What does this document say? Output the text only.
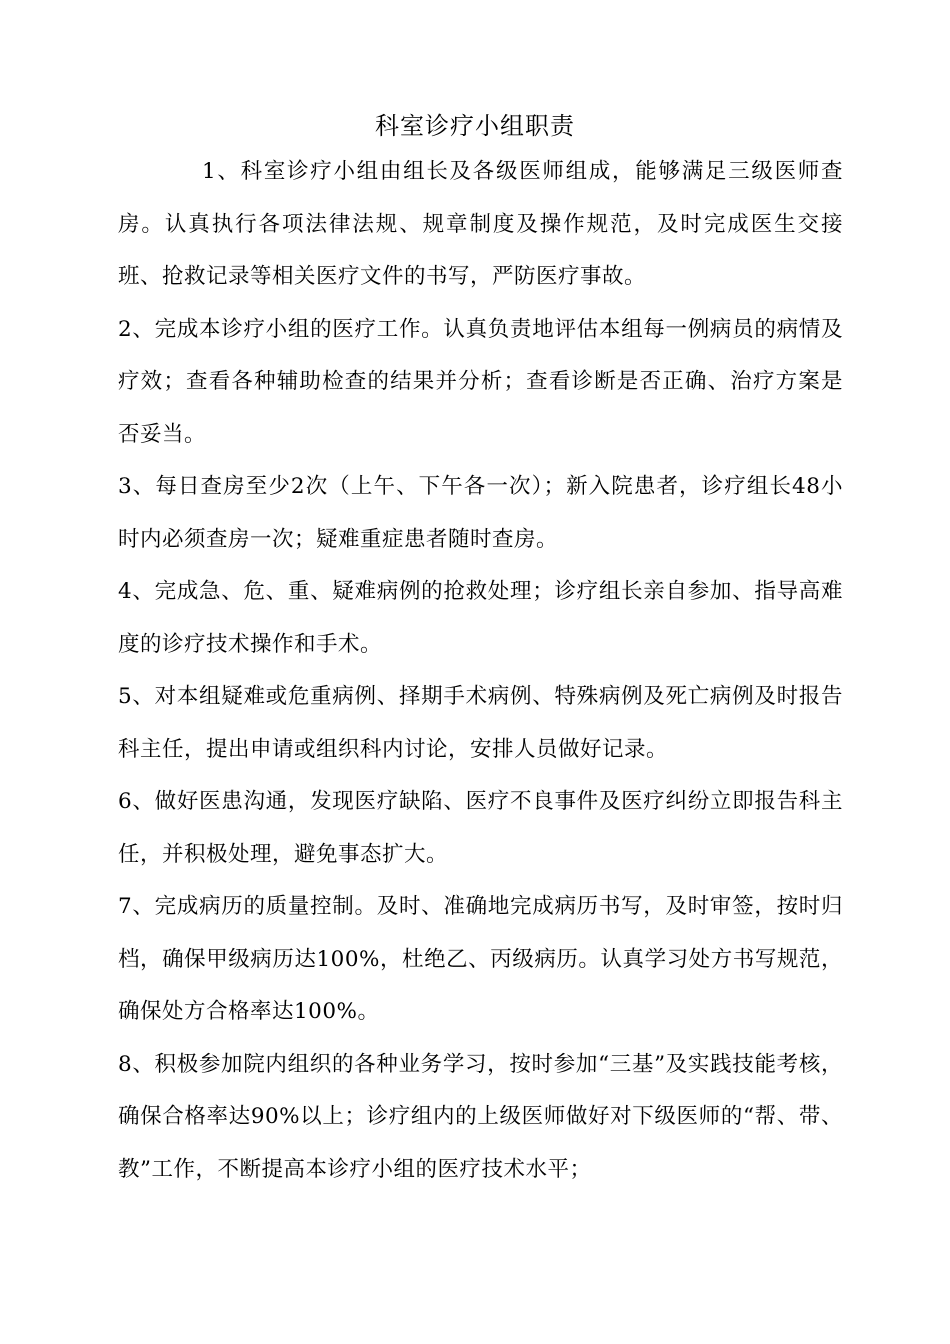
科室诊疗小组职责

1、科室诊疗小组由组长及各级医师组成，能够满足三级医师查房。认真执行各项法律法规、规章制度及操作规范，及时完成医生交接班、抢救记录等相关医疗文件的书写，严防医疗事故。

2、完成本诊疗小组的医疗工作。认真负责地评估本组每一例病员的病情及疗效；查看各种辅助检查的结果并分析；查看诊断是否正确、治疗方案是否妥当。

3、每日查房至少2次（上午、下午各一次）；新入院患者，诊疗组长48小时内必须查房一次；疑难重症患者随时查房。

4、完成急、危、重、疑难病例的抢救处理；诊疗组长亲自参加、指导高难度的诊疗技术操作和手术。

5、对本组疑难或危重病例、择期手术病例、特殊病例及死亡病例及时报告科主任，提出申请或组织科内讨论，安排人员做好记录。

6、做好医患沟通，发现医疗缺陷、医疗不良事件及医疗纠纷立即报告科主任，并积极处理，避免事态扩大。

7、完成病历的质量控制。及时、准确地完成病历书写，及时审签，按时归档，确保甲级病历达100%，杜绝乙、丙级病历。认真学习处方书写规范，确保处方合格率达100%。

8、积极参加院内组织的各种业务学习，按时参加“三基”及实践技能考核，确保合格率达90%以上；诊疗组内的上级医师做好对下级医师的“帮、带、教”工作，不断提高本诊疗小组的医疗技术水平；
